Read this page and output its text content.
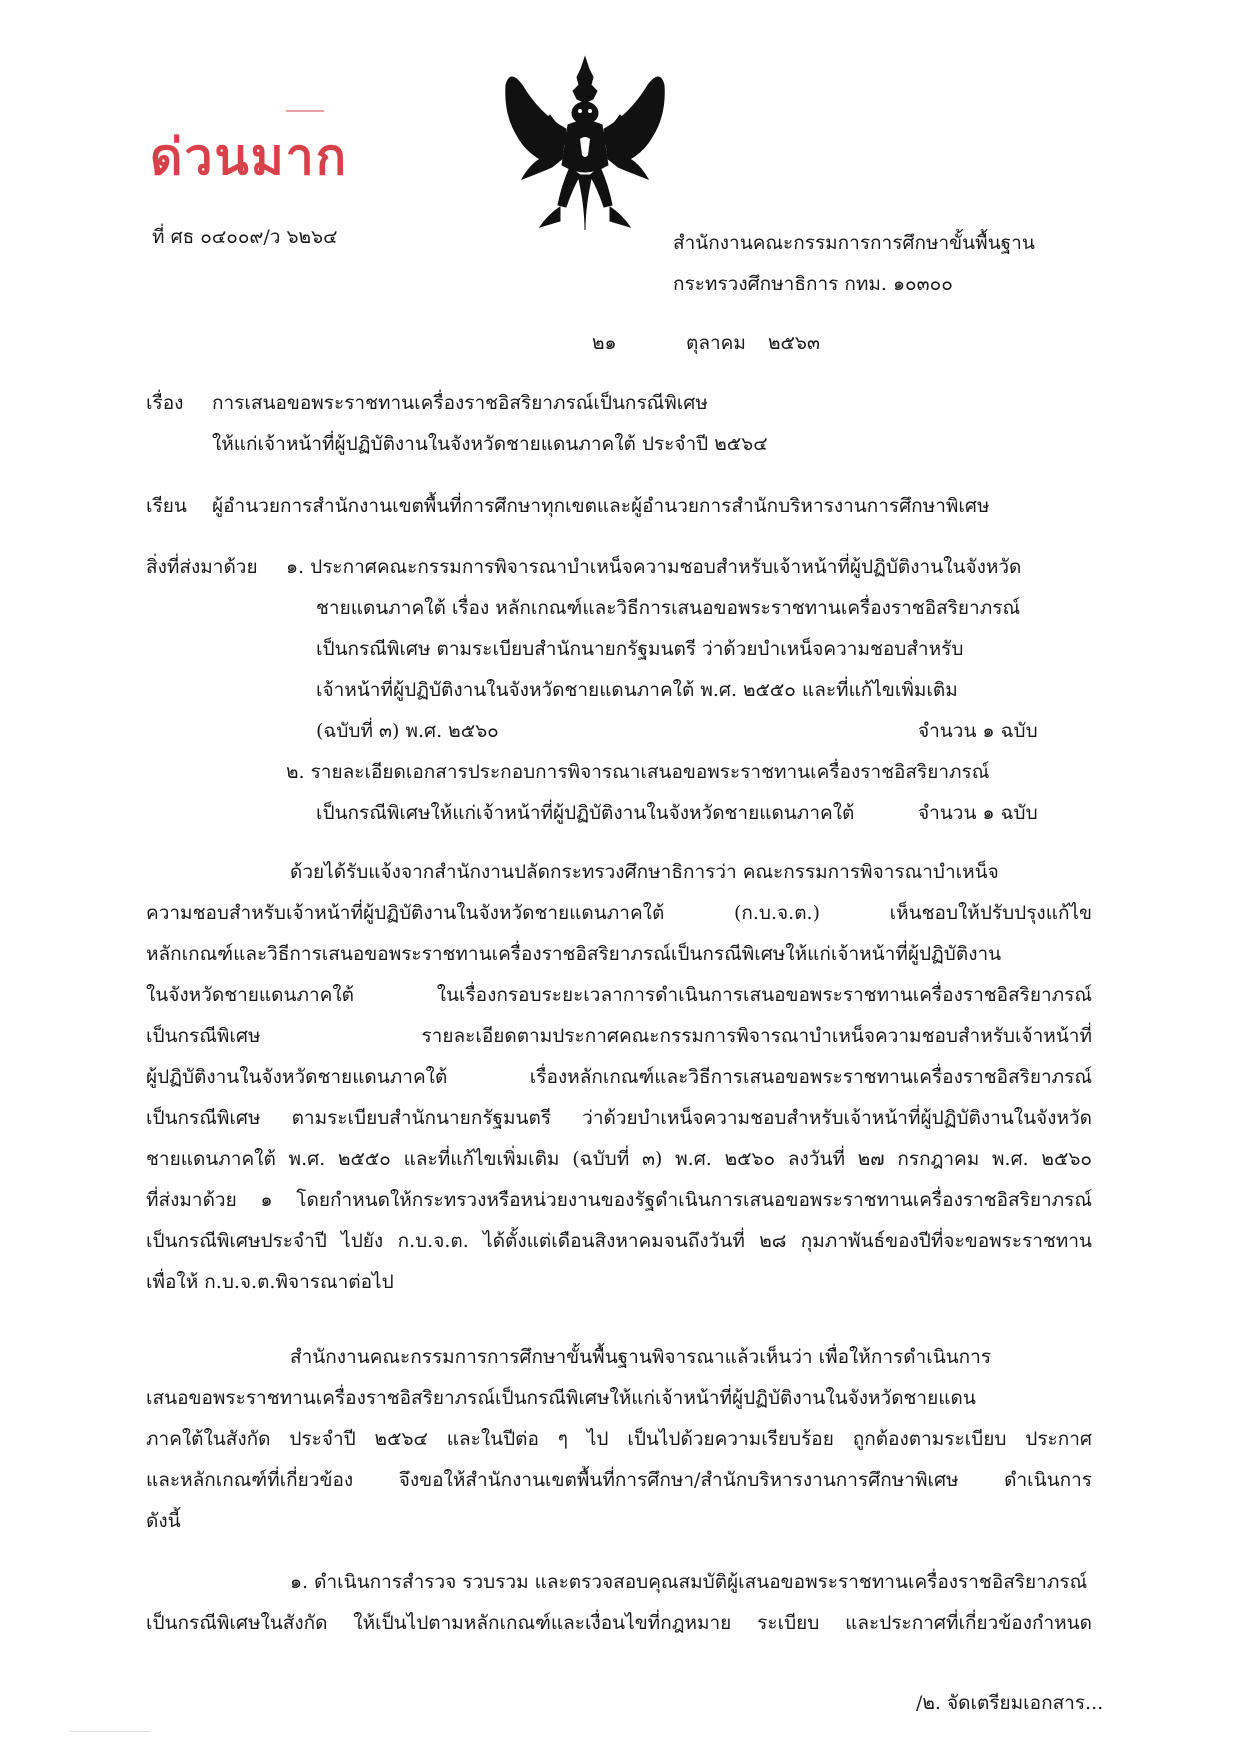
ด่วนมาก
ที่ ศธ ๐๔๐๐๙/ว ๖๒๖๔	สำนักงานคณะกรรมการการศึกษาขั้นพื้นฐาน
กระทรวงศึกษาธิการ กทม. ๑๐๓๐๐
๒๑	ตุลาคม ๒๕๖๓
เรื่อง การเสนอขอพระราชทานเครื่องราชอิสริยาภรณ์เป็นกรณีพิเศษ
ให้แก่เจ้าหน้าที่ผู้ปฏิบัติงานในจังหวัดชายแดนภาคใต้ ประจำปี ๒๕๖๔
เรียน ผู้อำนวยการสำนักงานเขตพื้นที่การศึกษาทุกเขตและผู้อำนวยการสำนักบริหารงานการศึกษาพิเศษ
สิ่งที่ส่งมาด้วย ๑. ประกาศคณะกรรมการพิจารณาบำเหน็จความชอบสำหรับเจ้าหน้าที่ผู้ปฏิบัติงานในจังหวัด
ชายแดนภาคใต้ เรื่อง หลักเกณฑ์และวิธีการเสนอขอพระราชทานเครื่องราชอิสริยาภรณ์
เป็นกรณีพิเศษ ตามระเบียบสำนักนายกรัฐมนตรี ว่าด้วยบำเหน็จความชอบสำหรับ
เจ้าหน้าที่ผู้ปฏิบัติงานในจังหวัดชายแดนภาคใต้ พ.ศ. ๒๕๕๐ และที่แก้ไขเพิ่มเติม
(ฉบับที่ ๓) พ.ศ. ๒๕๖๐	จำนวน ๑ ฉบับ
๒. รายละเอียดเอกสารประกอบการพิจารณาเสนอขอพระราชทานเครื่องราชอิสริยาภรณ์
เป็นกรณีพิเศษให้แก่เจ้าหน้าที่ผู้ปฏิบัติงานในจังหวัดชายแดนภาคใต้	จำนวน ๑ ฉบับ
ด้วยได้รับแจ้งจากสำนักงานปลัดกระทรวงศึกษาธิการว่า คณะกรรมการพิจารณาบำเหน็จ
ความชอบสำหรับเจ้าหน้าที่ผู้ปฏิบัติงานในจังหวัดชายแดนภาคใต้ (ก.บ.จ.ต.) เห็นชอบให้ปรับปรุงแก้ไข
หลักเกณฑ์และวิธีการเสนอขอพระราชทานเครื่องราชอิสริยาภรณ์เป็นกรณีพิเศษให้แก่เจ้าหน้าที่ผู้ปฏิบัติงาน
ในจังหวัดชายแดนภาคใต้ ในเรื่องกรอบระยะเวลาการดำเนินการเสนอขอพระราชทานเครื่องราชอิสริยาภรณ์
เป็นกรณีพิเศษ รายละเอียดตามประกาศคณะกรรมการพิจารณาบำเหน็จความชอบสำหรับเจ้าหน้าที่
ผู้ปฏิบัติงานในจังหวัดชายแดนภาคใต้ เรื่องหลักเกณฑ์และวิธีการเสนอขอพระราชทานเครื่องราชอิสริยาภรณ์
เป็นกรณีพิเศษ ตามระเบียบสำนักนายกรัฐมนตรี ว่าด้วยบำเหน็จความชอบสำหรับเจ้าหน้าที่ผู้ปฏิบัติงานในจังหวัด
ชายแดนภาคใต้ พ.ศ. ๒๕๕๐ และที่แก้ไขเพิ่มเติม (ฉบับที่ ๓) พ.ศ. ๒๕๖๐ ลงวันที่ ๒๗ กรกฎาคม พ.ศ. ๒๕๖๐
ที่ส่งมาด้วย ๑ โดยกำหนดให้กระทรวงหรือหน่วยงานของรัฐดำเนินการเสนอขอพระราชทานเครื่องราชอิสริยาภรณ์
เป็นกรณีพิเศษประจำปี ไปยัง ก.บ.จ.ต. ได้ตั้งแต่เดือนสิงหาคมจนถึงวันที่ ๒๘ กุมภาพันธ์ของปีที่จะขอพระราชทาน
เพื่อให้ ก.บ.จ.ต.พิจารณาต่อไป
สำนักงานคณะกรรมการการศึกษาขั้นพื้นฐานพิจารณาแล้วเห็นว่า เพื่อให้การดำเนินการ
เสนอขอพระราชทานเครื่องราชอิสริยาภรณ์เป็นกรณีพิเศษให้แก่เจ้าหน้าที่ผู้ปฏิบัติงานในจังหวัดชายแดน
ภาคใต้ในสังกัด ประจำปี ๒๕๖๔ และในปีต่อ ๆ ไป เป็นไปด้วยความเรียบร้อย ถูกต้องตามระเบียบ ประกาศ
และหลักเกณฑ์ที่เกี่ยวข้อง จึงขอให้สำนักงานเขตพื้นที่การศึกษา/สำนักบริหารงานการศึกษาพิเศษ ดำเนินการ
ดังนี้
๑. ดำเนินการสำรวจ รวบรวม และตรวจสอบคุณสมบัติผู้เสนอขอพระราชทานเครื่องราชอิสริยาภรณ์
เป็นกรณีพิเศษในสังกัด ให้เป็นไปตามหลักเกณฑ์และเงื่อนไขที่กฎหมาย ระเบียบ และประกาศที่เกี่ยวข้องกำหนด
/๒. จัดเตรียมเอกสาร...
